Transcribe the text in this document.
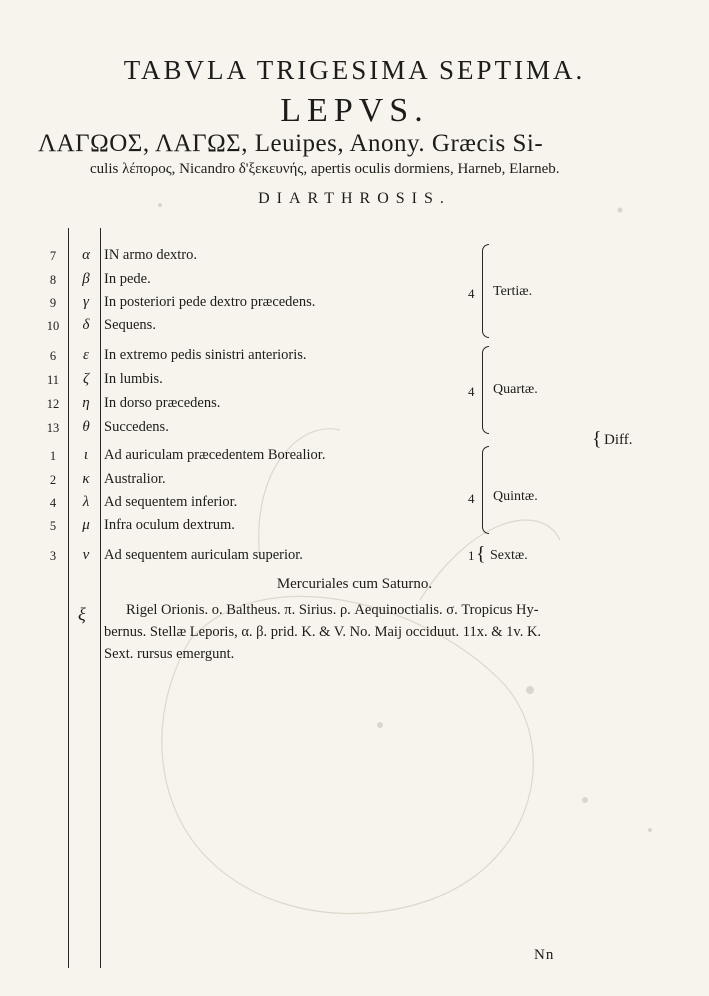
TABVLA TRIGESIMA SEPTIMA.
LEPVS.
ΛΑΓΩΟΣ, ΛΑΓΩΣ, Leuipes, Anony. Græcis Si-
culis λέπορος, Nicandro δ'ξεκευνής, apertis oculis dormiens, Harneb, Elarneb.
DIARTHROSIS.
7	α IN armo dextro.
8	β In pede.
9	γ	In posteriori pede dextro præcedens.
10	δ	Sequens.
6	ε	In extremo pedis sinistri anterioris.
11	ζ	In lumbis.
12	η In dorso præcedens.
13	θ Succedens.
1	ι	Ad auriculam præcedentem Borealior.
2	κ Australior.
4	λ	Ad sequentem inferior.
5	μ Infra oculum dextrum.
3	ν	Ad sequentem auriculam superior.
4 Tertiæ.
4 Quartæ.
4 Quintæ.
1 { Sextæ.
{ Diff.
Mercuriales cum Saturno.
ξ	Rigel Orionis. ο. Baltheus. π. Sirius. ρ. Aequinoctialis. σ. Tropicus Hy-
bernus. Stellæ Leporis, α. β. prid. K. & V. No. Maij occiduut. 11x. & 1v. K.
Sext. rursus emergunt.
Nn
